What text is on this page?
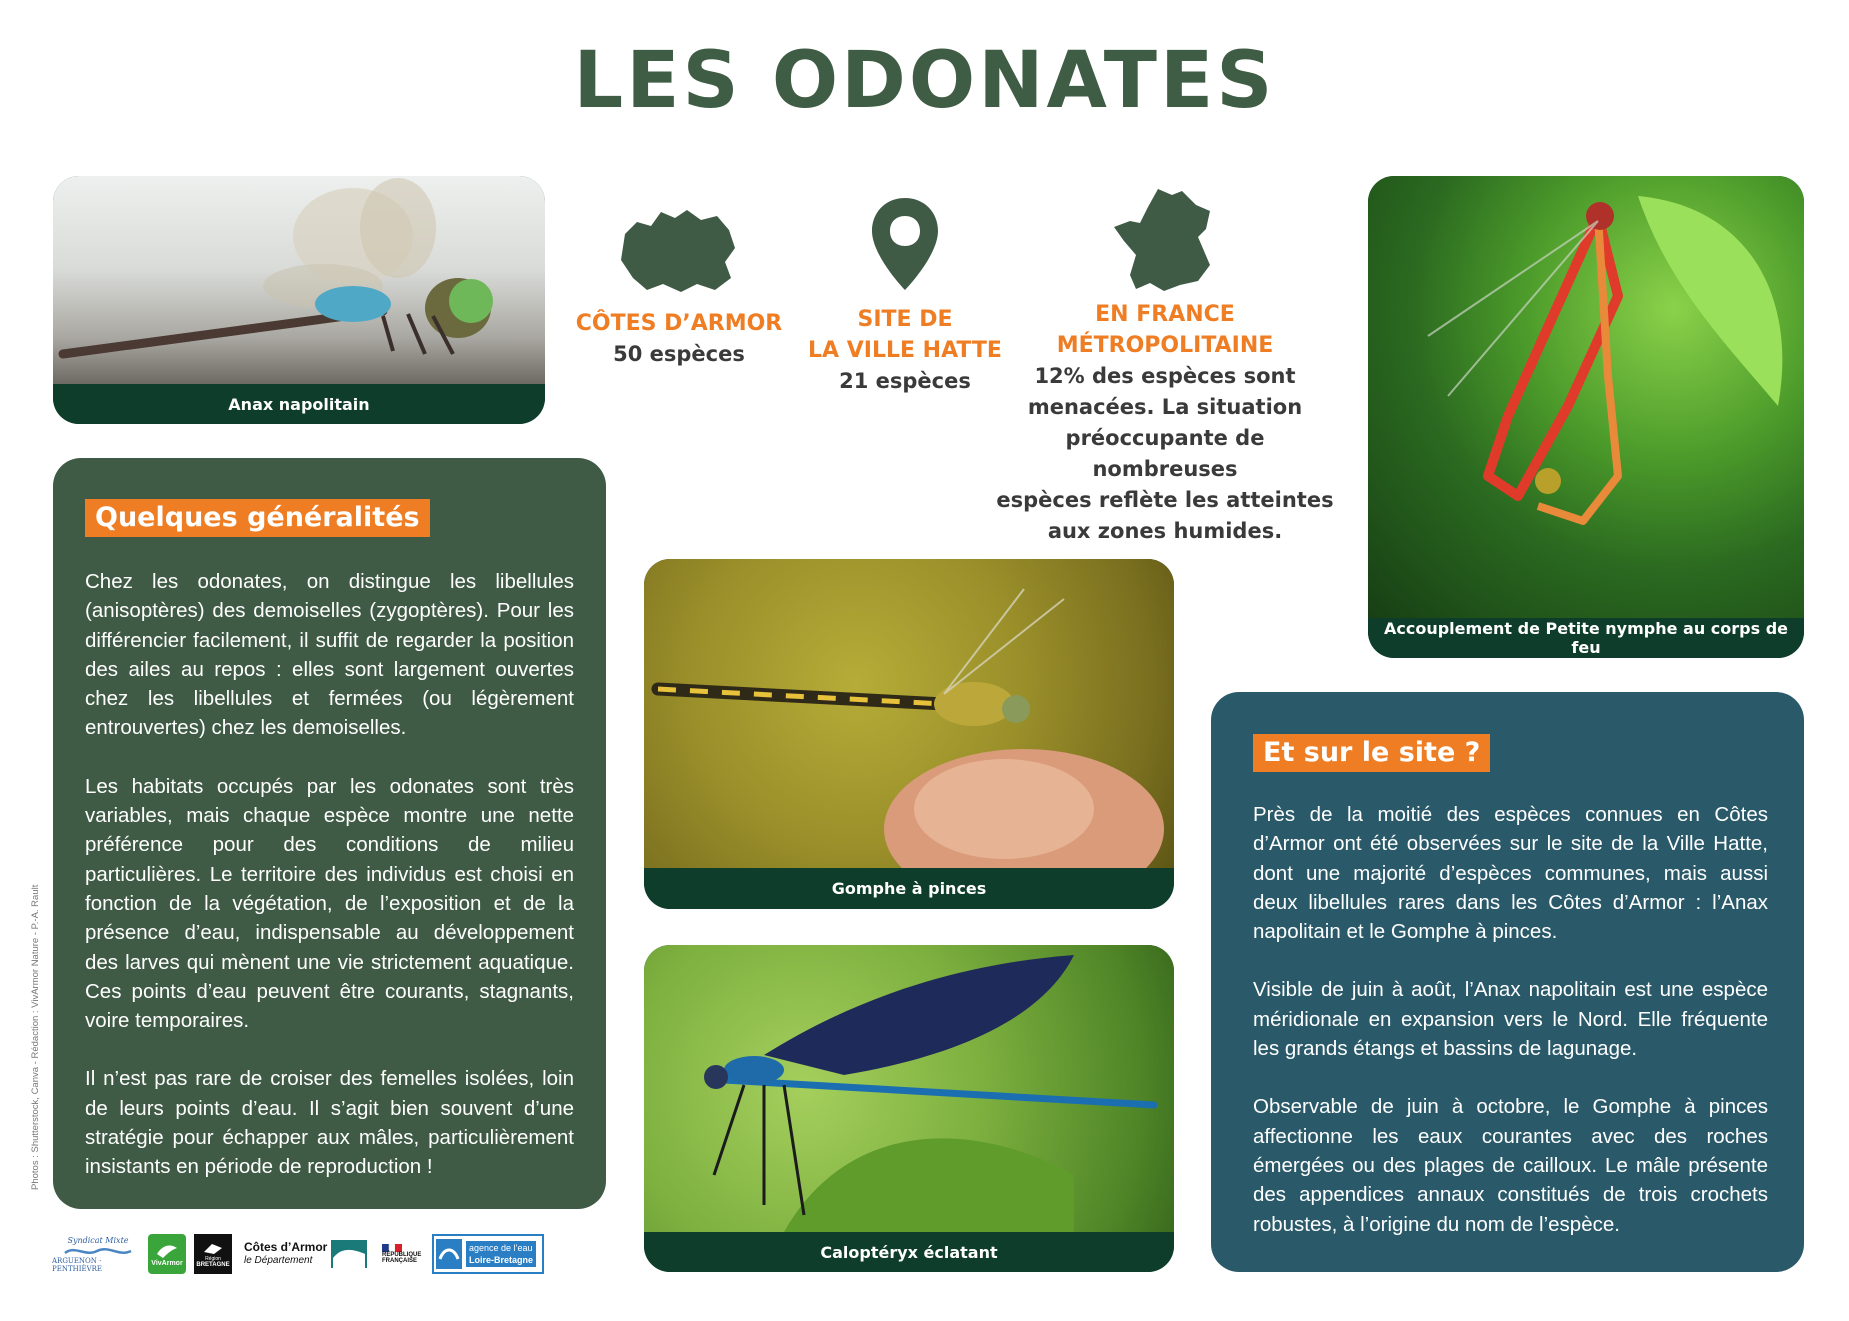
LES ODONATES
Anax napolitain
Accouplement de Petite nymphe au corps de feu
Gomphe à pinces
Caloptéryx éclatant
CÔTES D’ARMOR
50 espèces
SITE DE
LA VILLE HATTE
21 espèces
EN FRANCE
MÉTROPOLITAINE
12% des espèces sont
menacées. La situation
préoccupante de nombreuses
espèces reflète les atteintes
aux zones humides.
Quelques généralités

Chez les odonates, on distingue les libellules (anisoptères) des demoiselles (zygoptères). Pour les différencier facilement, il suffit de regarder la position des ailes au repos : elles sont largement ouvertes chez les libellules et fermées (ou légèrement entrouvertes) chez les demoiselles.

Les habitats occupés par les odonates sont très variables, mais chaque espèce montre une nette préférence pour des conditions de milieu particulières. Le territoire des individus est choisi en fonction de la végétation, de l’exposition et de la présence d’eau, indispensable au développement des larves qui mènent une vie strictement aquatique. Ces points d’eau peuvent être courants, stagnants, voire temporaires.

Il n’est pas rare de croiser des femelles isolées, loin de leurs points d’eau. Il s’agit bien souvent d’une stratégie pour échapper aux mâles, particulièrement insistants en période de reproduction !

Et sur le site ?

Près de la moitié des espèces connues en Côtes d’Armor ont été observées sur le site de la Ville Hatte, dont une majorité d’espèces communes, mais aussi deux libellules rares dans les Côtes d’Armor : l’Anax napolitain et le Gomphe à pinces.

Visible de juin à août, l’Anax napolitain est une espèce méridionale en expansion vers le Nord. Elle fréquente les grands étangs et bassins de lagunage.

Observable de juin à octobre, le Gomphe à pinces affectionne les eaux courantes avec des roches émergées ou des plages de cailloux. Le mâle présente des appendices annaux constitués de trois crochets robustes, à l’origine du nom de l’espèce.

Photos : Shutterstock, Canva - Rédaction : VivArmor Nature - P.-A. Rault
Syndicat Mixte
ARGUENON · PENTHIÈVRE
VivArmor
Région
BRETAGNE
Côtes d’Armor
le Département	RÉPUBLIQUE
FRANÇAISE
agence de l’eau
Loire-Bretagne
